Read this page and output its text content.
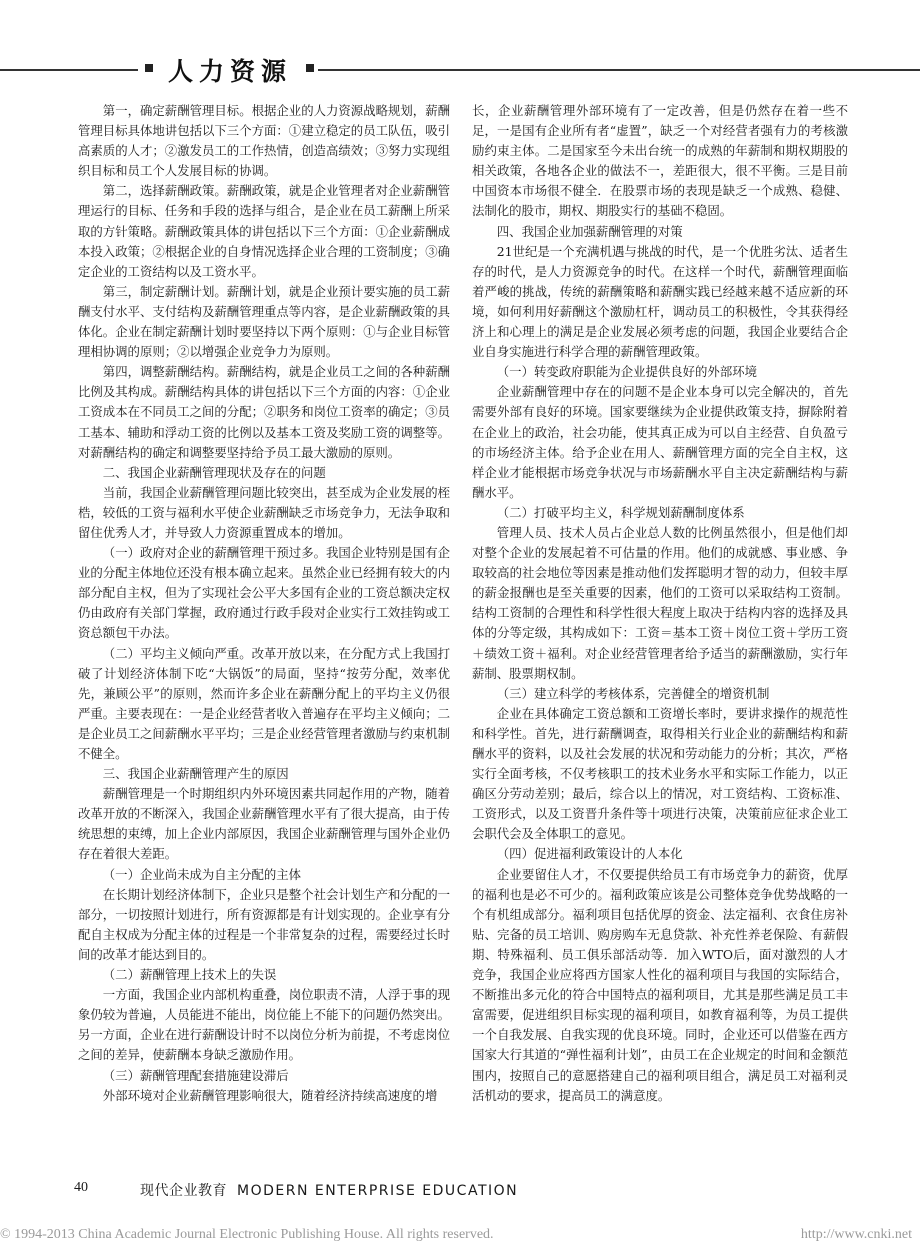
人力资源

第一，确定薪酬管理目标。根据企业的人力资源战略规划，薪酬管理目标具体地讲包括以下三个方面：①建立稳定的员工队伍，吸引高素质的人才；②激发员工的工作热情，创造高绩效；③努力实现组织目标和员工个人发展目标的协调。

第二，选择薪酬政策。薪酬政策，就是企业管理者对企业薪酬管理运行的目标、任务和手段的选择与组合，是企业在员工薪酬上所采取的方针策略。薪酬政策具体的讲包括以下三个方面：①企业薪酬成本投入政策；②根据企业的自身情况选择企业合理的工资制度；③确定企业的工资结构以及工资水平。

第三，制定薪酬计划。薪酬计划，就是企业预计要实施的员工薪酬支付水平、支付结构及薪酬管理重点等内容，是企业薪酬政策的具体化。企业在制定薪酬计划时要坚持以下两个原则：①与企业目标管理相协调的原则；②以增强企业竞争力为原则。

第四，调整薪酬结构。薪酬结构，就是企业员工之间的各种薪酬比例及其构成。薪酬结构具体的讲包括以下三个方面的内容：①企业工资成本在不同员工之间的分配；②职务和岗位工资率的确定；③员工基本、辅助和浮动工资的比例以及基本工资及奖励工资的调整等。对薪酬结构的确定和调整要坚持给予员工最大激励的原则。

二、我国企业薪酬管理现状及存在的问题

当前，我国企业薪酬管理问题比较突出，甚至成为企业发展的桎梏，较低的工资与福利水平使企业薪酬缺乏市场竞争力，无法争取和留住优秀人才，并导致人力资源重置成本的增加。

（一）政府对企业的薪酬管理干预过多。我国企业特别是国有企业的分配主体地位还没有根本确立起来。虽然企业已经拥有较大的内部分配自主权，但为了实现社会公平大多国有企业的工资总额决定权仍由政府有关部门掌握，政府通过行政手段对企业实行工效挂钩或工资总额包干办法。

（二）平均主义倾向严重。改革开放以来，在分配方式上我国打破了计划经济体制下吃“大锅饭”的局面，坚持“按劳分配，效率优先，兼顾公平”的原则，然而许多企业在薪酬分配上的平均主义仍很严重。主要表现在：一是企业经营者收入普遍存在平均主义倾向；二是企业员工之间薪酬水平平均；三是企业经营管理者激励与约束机制不健全。

三、我国企业薪酬管理产生的原因

薪酬管理是一个时期组织内外环境因素共同起作用的产物，随着改革开放的不断深入，我国企业薪酬管理水平有了很大提高，由于传统思想的束缚，加上企业内部原因，我国企业薪酬管理与国外企业仍存在着很大差距。

（一）企业尚未成为自主分配的主体

在长期计划经济体制下，企业只是整个社会计划生产和分配的一部分，一切按照计划进行，所有资源都是有计划实现的。企业享有分配自主权成为分配主体的过程是一个非常复杂的过程，需要经过长时间的改革才能达到目的。

（二）薪酬管理上技术上的失误

一方面，我国企业内部机构重叠，岗位职责不清，人浮于事的现象仍较为普遍，人员能进不能出，岗位能上不能下的问题仍然突出。另一方面，企业在进行薪酬设计时不以岗位分析为前提，不考虑岗位之间的差异，使薪酬本身缺乏激励作用。

（三）薪酬管理配套措施建设滞后

外部环境对企业薪酬管理影响很大，随着经济持续高速度的增

长，企业薪酬管理外部环境有了一定改善，但是仍然存在着一些不足，一是国有企业所有者“虚置”，缺乏一个对经营者强有力的考核激励约束主体。二是国家至今未出台统一的成熟的年薪制和期权期股的相关政策，各地各企业的做法不一，差距很大，很不平衡。三是目前中国资本市场很不健全．在股票市场的表现是缺乏一个成熟、稳健、法制化的股市，期权、期股实行的基础不稳固。

四、我国企业加强薪酬管理的对策

21世纪是一个充满机遇与挑战的时代，是一个优胜劣汰、适者生存的时代，是人力资源竞争的时代。在这样一个时代，薪酬管理面临着严峻的挑战，传统的薪酬策略和薪酬实践已经越来越不适应新的环境，如何利用好薪酬这个激励杠杆，调动员工的积极性，令其获得经济上和心理上的满足是企业发展必须考虑的问题，我国企业要结合企业自身实施进行科学合理的薪酬管理政策。

（一）转变政府职能为企业提供良好的外部环境

企业薪酬管理中存在的问题不是企业本身可以完全解决的，首先需要外部有良好的环境。国家要继续为企业提供政策支持，摒除附着在企业上的政治，社会功能，使其真正成为可以自主经营、自负盈亏的市场经济主体。给予企业在用人、薪酬管理方面的完全自主权，这样企业才能根据市场竞争状况与市场薪酬水平自主决定薪酬结构与薪酬水平。

（二）打破平均主义，科学规划薪酬制度体系

管理人员、技术人员占企业总人数的比例虽然很小，但是他们却对整个企业的发展起着不可估量的作用。他们的成就感、事业感、争取较高的社会地位等因素是推动他们发挥聪明才智的动力，但较丰厚的薪金报酬也是至关重要的因素，他们的工资可以采取结构工资制。结构工资制的合理性和科学性很大程度上取决于结构内容的选择及具体的分等定级，其构成如下：工资＝基本工资＋岗位工资＋学历工资＋绩效工资＋福利。对企业经营管理者给予适当的薪酬激励，实行年薪制、股票期权制。

（三）建立科学的考核体系，完善健全的增资机制

企业在具体确定工资总额和工资增长率时，要讲求操作的规范性和科学性。首先，进行薪酬调查，取得相关行业企业的薪酬结构和薪酬水平的资料，以及社会发展的状况和劳动能力的分析；其次，严格实行全面考核，不仅考核职工的技术业务水平和实际工作能力，以正确区分劳动差别；最后，综合以上的情况，对工资结构、工资标准、工资形式，以及工资晋升条件等十项进行决策，决策前应征求企业工会职代会及全体职工的意见。

（四）促进福利政策设计的人本化

企业要留住人才，不仅要提供给员工有市场竞争力的薪资，优厚的福利也是必不可少的。福利政策应该是公司整体竞争优势战略的一个有机组成部分。福利项目包括优厚的资金、法定福利、衣食住房补贴、完备的员工培训、购房购车无息贷款、补充性养老保险、有薪假期、特殊福利、员工俱乐部活动等．加入WTO后，面对激烈的人才竞争，我国企业应将西方国家人性化的福利项目与我国的实际结合，不断推出多元化的符合中国特点的福利项目，尤其是那些满足员工丰富需要，促进组织目标实现的福利项目，如教育福利等，为员工提供一个自我发展、自我实现的优良环境。同时，企业还可以借鉴在西方国家大行其道的“弹性福利计划”，由员工在企业规定的时间和金额范围内，按照自己的意愿搭建自己的福利项目组合，满足员工对福利灵活机动的要求，提高员工的满意度。

40	现代企业教育 MODERN ENTERPRISE EDUCATION
© 1994-2013 China Academic Journal Electronic Publishing House. All rights reserved.	http://www.cnki.net
